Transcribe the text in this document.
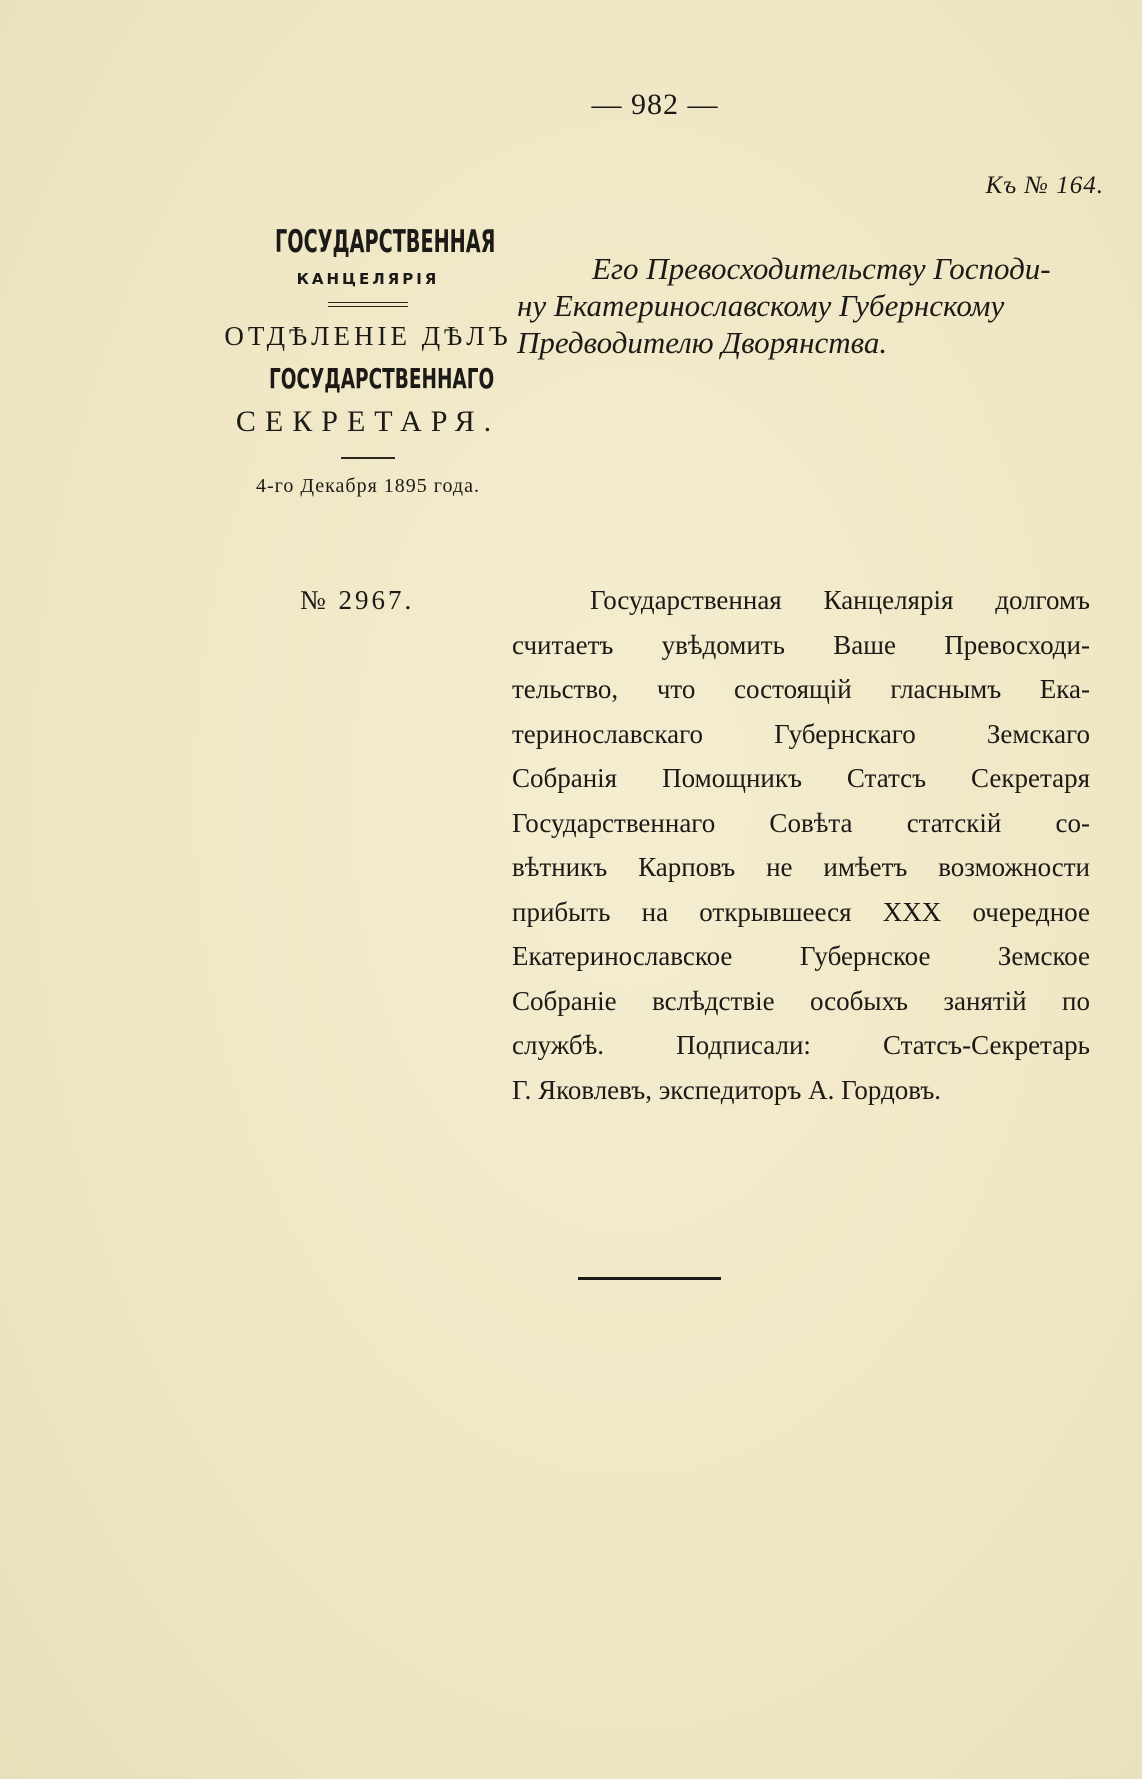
— 982 —
Къ № 164.
ГОСУДАРСТВЕННАЯ
КАНЦЕЛЯРІЯ
ОТДѢЛЕНІЕ ДѢЛЪ
ГОСУДАРСТВЕННАГО
СЕКРЕТАРЯ.
4-го Декабря 1895 года.
№ 2967.
Его Превосходительству Господи-
ну Екатеринославскому Губернскому
Предводителю Дворянства.
Государственная Канцелярія долгомъ
считаетъ увѣдомить Ваше Превосходи-
тельство, что состоящій гласнымъ Ека-
теринославскаго Губернскаго Земскаго
Собранія Помощникъ Статсъ Секретаря
Государственнаго Совѣта статскій со-
вѣтникъ Карповъ не имѣетъ возможности
прибыть на открывшееся XXX очередное
Екатеринославское Губернское Земское
Собраніе вслѣдствіе особыхъ занятій по
службѣ. Подписали: Статсъ-Секретарь
Г. Яковлевъ, экспедиторъ А. Гордовъ.
